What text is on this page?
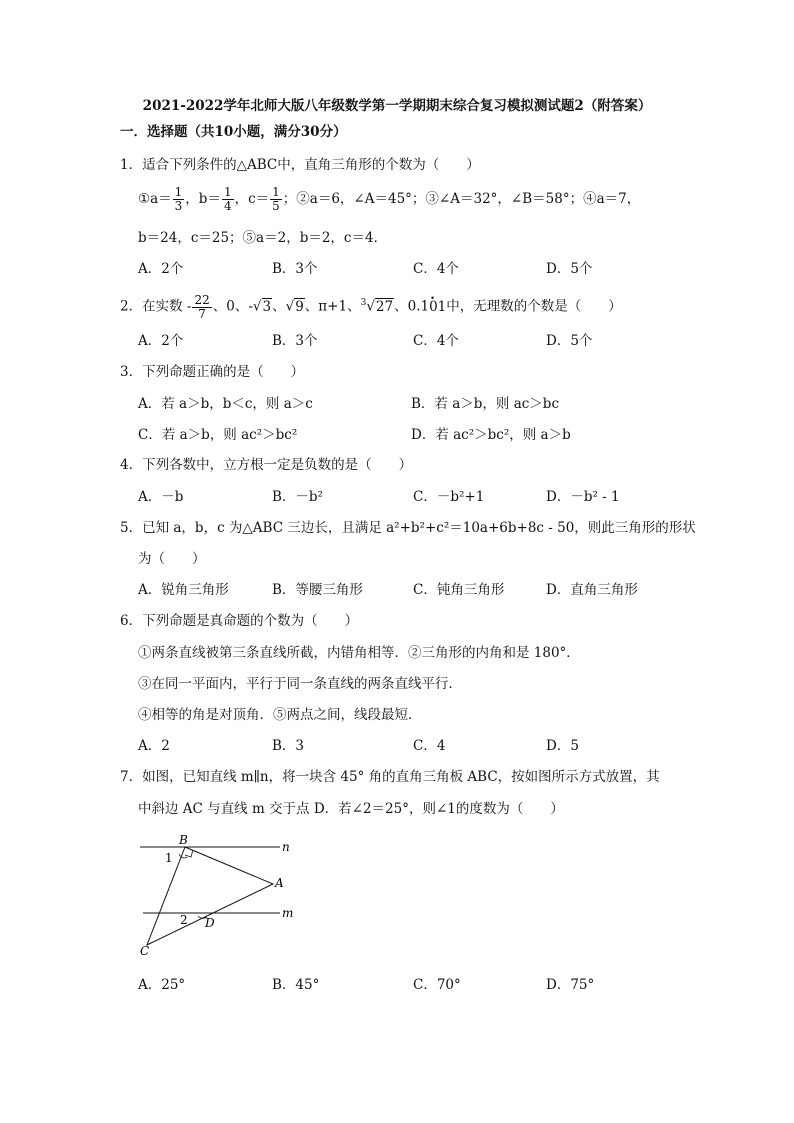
2021-2022学年北师大版八年级数学第一学期期末综合复习模拟测试题2（附答案）
一．选择题（共10小题，满分30分）
1．适合下列条件的△ABC中，直角三角形的个数为（　　）
①a＝ $\frac{1}{3}$ ，$b= \frac{1}{4}$ ，$c= \frac{1}{5}$ ；②a＝6，∠A＝45°；③∠A＝32°，∠B＝58°；④a＝7，
b＝24，c＝25；⑤a＝2，b＝2，c＝4．
A．2个	B．3个	C．4个	D．5个
2．在实数 - $\frac{22}{7}$ 、0、-√3、√9、π+1、$^3$√27、0.1• 01中，无理数的个数是（　　）
A．2个	B．3个	C．4个	D．5个
3．下列命题正确的是（　　）
A．若 a＞b，b＜c，则 a＞c	B．若 a＞b，则 ac＞bc
C．若 a＞b，则 ac²＞bc²	D．若 ac²＞bc²，则 a＞b
4．下列各数中，立方根一定是负数的是（　　）
A．－b	B．－b²	C．－b²+1	D．－b² - 1
5．已知 a，b，c 为△ABC 三边长，且满足 a²+b²+c²＝10a+6b+8c - 50，则此三角形的形状
为（　　）
A．锐角三角形	B．等腰三角形	C．钝角三角形	D．直角三角形
6．下列命题是真命题的个数为（　　）
①两条直线被第三条直线所截，内错角相等．②三角形的内角和是 180°．
③在同一平面内，平行于同一条直线的两条直线平行．
④相等的角是对顶角．⑤两点之间，线段最短．
A．2	B．3	C．4	D．5
7．如图，已知直线 m∥n，将一块含 45° 角的直角三角板 ABC，按如图所示方式放置，其
中斜边 AC 与直线 m 交于点 D．若∠2＝25°，则∠1的度数为（　　）
B	n
1
A
m
2 D
C
A．25°	B．45°	C．70°	D．75°
